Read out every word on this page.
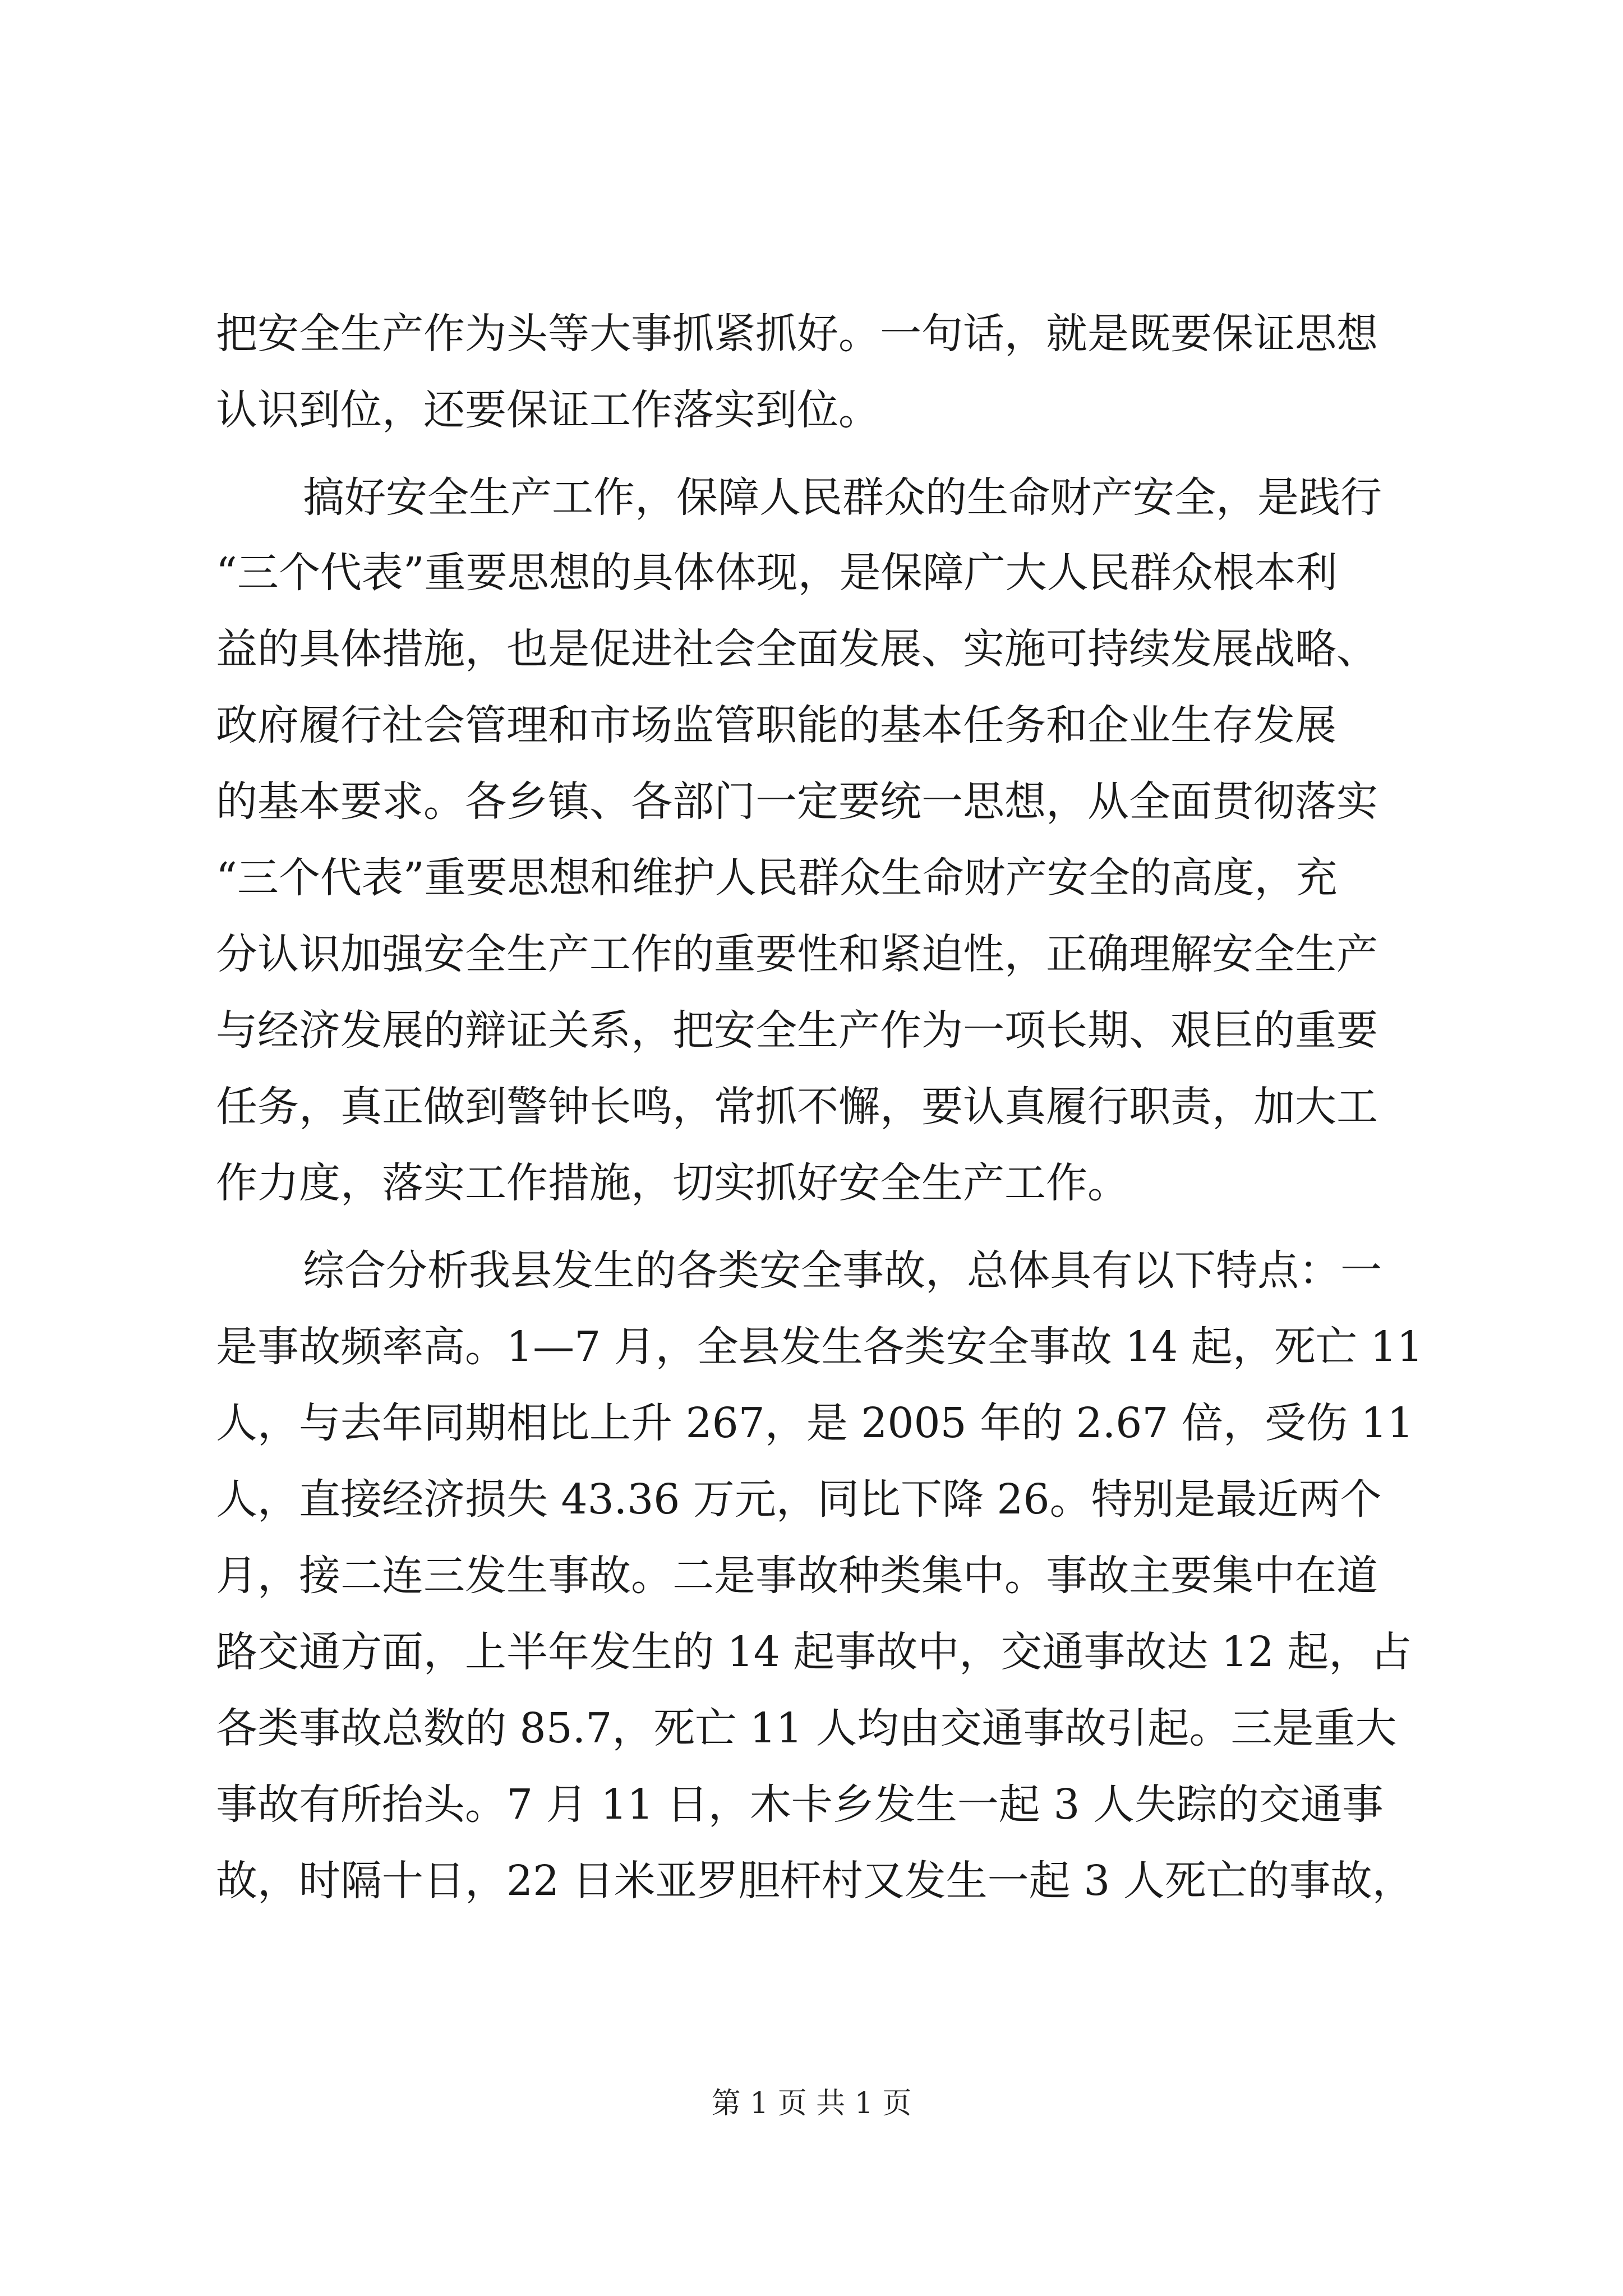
把安全生产作为头等大事抓紧抓好。一句话，就是既要保证思想
认识到位，还要保证工作落实到位。
搞好安全生产工作，保障人民群众的生命财产安全，是践行
“三个代表”重要思想的具体体现，是保障广大人民群众根本利
益的具体措施，也是促进社会全面发展、实施可持续发展战略、
政府履行社会管理和市场监管职能的基本任务和企业生存发展
的基本要求。各乡镇、各部门一定要统一思想，从全面贯彻落实
“三个代表”重要思想和维护人民群众生命财产安全的高度，充
分认识加强安全生产工作的重要性和紧迫性，正确理解安全生产
与经济发展的辩证关系，把安全生产作为一项长期、艰巨的重要
任务，真正做到警钟长鸣，常抓不懈，要认真履行职责，加大工
作力度，落实工作措施，切实抓好安全生产工作。
综合分析我县发生的各类安全事故，总体具有以下特点：一
是事故频率高。1—7 月，全县发生各类安全事故 14 起，死亡 11
人，与去年同期相比上升 267，是 2005 年的 2.67 倍，受伤 11
人，直接经济损失 43.36 万元，同比下降 26。特别是最近两个
月，接二连三发生事故。二是事故种类集中。事故主要集中在道
路交通方面，上半年发生的 14 起事故中，交通事故达 12 起，占
各类事故总数的 85.7，死亡 11 人均由交通事故引起。三是重大
事故有所抬头。7 月 11 日，木卡乡发生一起 3 人失踪的交通事
故，时隔十日，22 日米亚罗胆杆村又发生一起 3 人死亡的事故，
第 1 页 共 1 页
